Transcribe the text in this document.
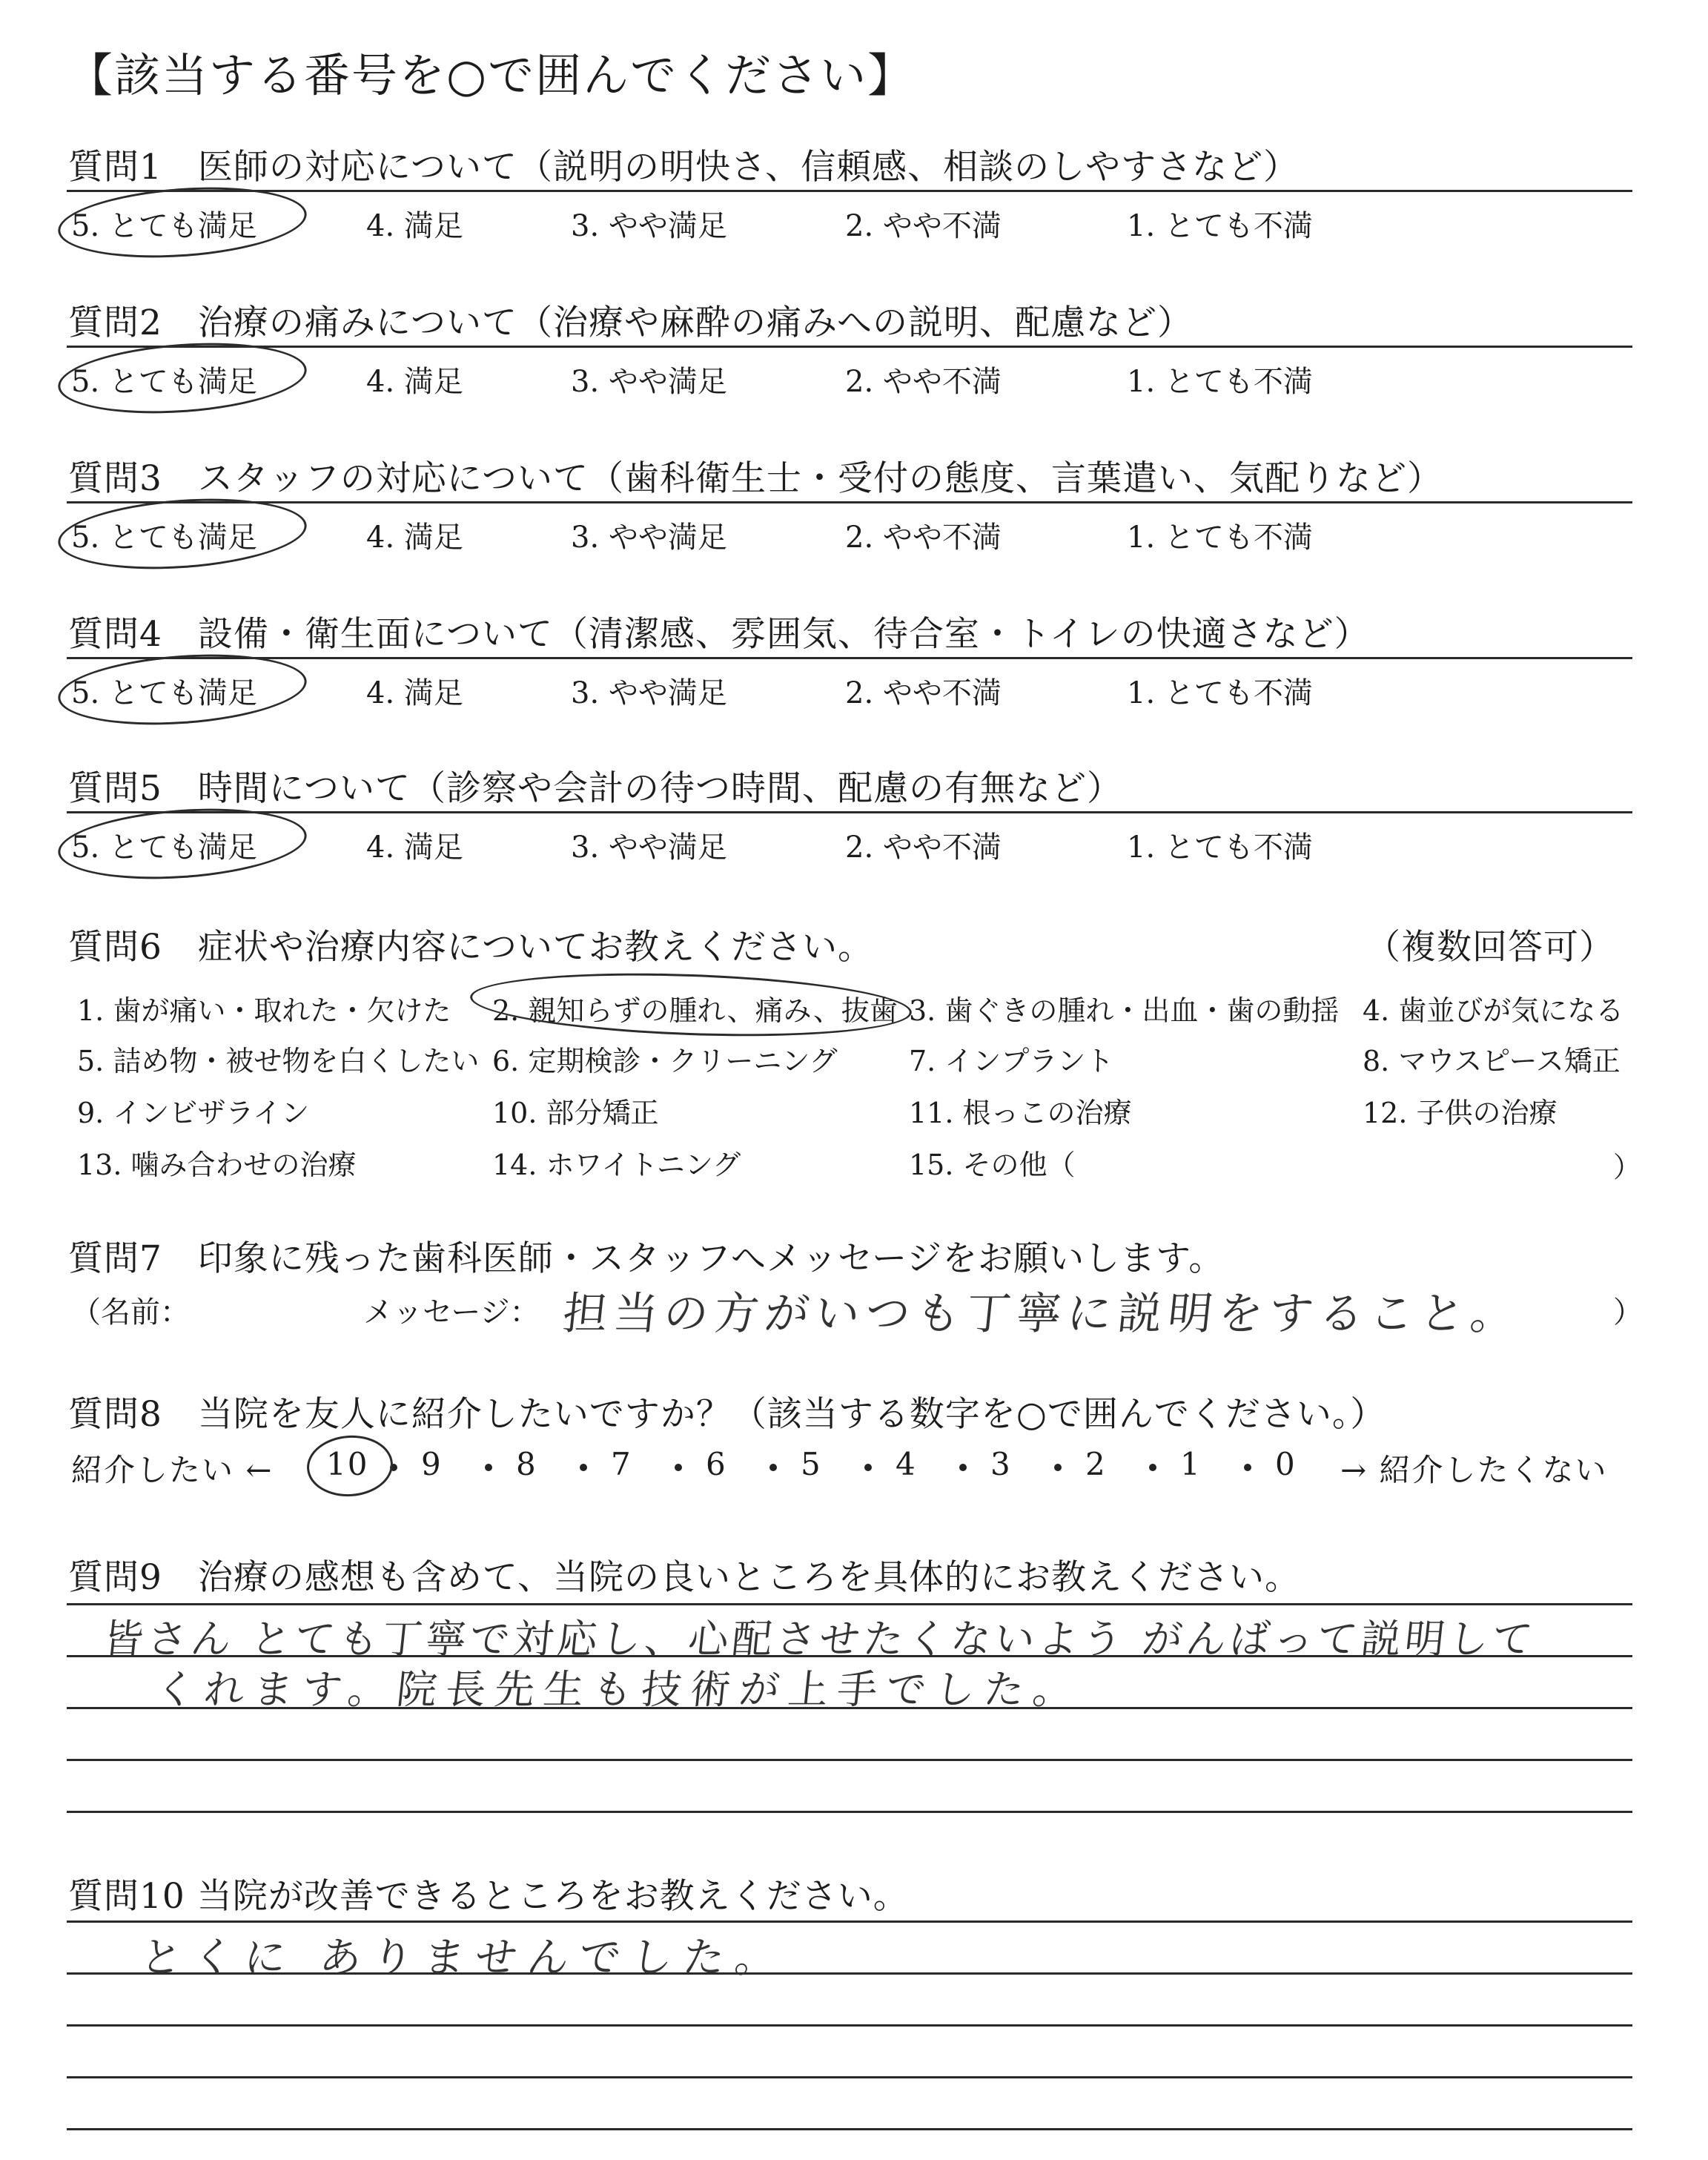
【該当する番号を○で囲んでください】
質問1　医師の対応について（説明の明快さ、信頼感、相談のしやすさなど）
5. とても満足	4. 満足	3. やや満足	2. やや不満	1. とても不満
質問2　治療の痛みについて（治療や麻酔の痛みへの説明、配慮など）
5. とても満足	4. 満足	3. やや満足	2. やや不満	1. とても不満
質問3　スタッフの対応について（歯科衛生士・受付の態度、言葉遣い、気配りなど）
5. とても満足	4. 満足	3. やや満足	2. やや不満	1. とても不満
質問4　設備・衛生面について（清潔感、雰囲気、待合室・トイレの快適さなど）
5. とても満足	4. 満足	3. やや満足	2. やや不満	1. とても不満
質問5　時間について（診察や会計の待つ時間、配慮の有無など）
5. とても満足	4. 満足	3. やや満足	2. やや不満	1. とても不満
質問6　症状や治療内容についてお教えください。	（複数回答可）
1. 歯が痛い・取れた・欠けた 2. 親知らずの腫れ、痛み、抜歯 3. 歯ぐきの腫れ・出血・歯の動揺 4. 歯並びが気になる
5. 詰め物・被せ物を白くしたい 6. 定期検診・クリーニング	7. インプラント	8. マウスピース矯正
9. インビザライン	10. 部分矯正	11. 根っこの治療	12. 子供の治療
13. 噛み合わせの治療	14. ホワイトニング	15. その他（	）
質問7　印象に残った歯科医師・スタッフへメッセージをお願いします。
（名前：	メッセージ： 担当の方がいつも丁寧に説明をすること。	）
質問8　当院を友人に紹介したいですか？（該当する数字を○で囲んでください。）
紹介したい ← 10 9 8 7 6 5 4 3 2 1 0 → 紹介したくない
質問9　治療の感想も含めて、当院の良いところを具体的にお教えください。
皆さん とても丁寧で対応し、心配させたくないよう がんばって説明して
くれます。院長先生も技術が上手でした。
質問10 当院が改善できるところをお教えください。
とくに ありませんでした。
